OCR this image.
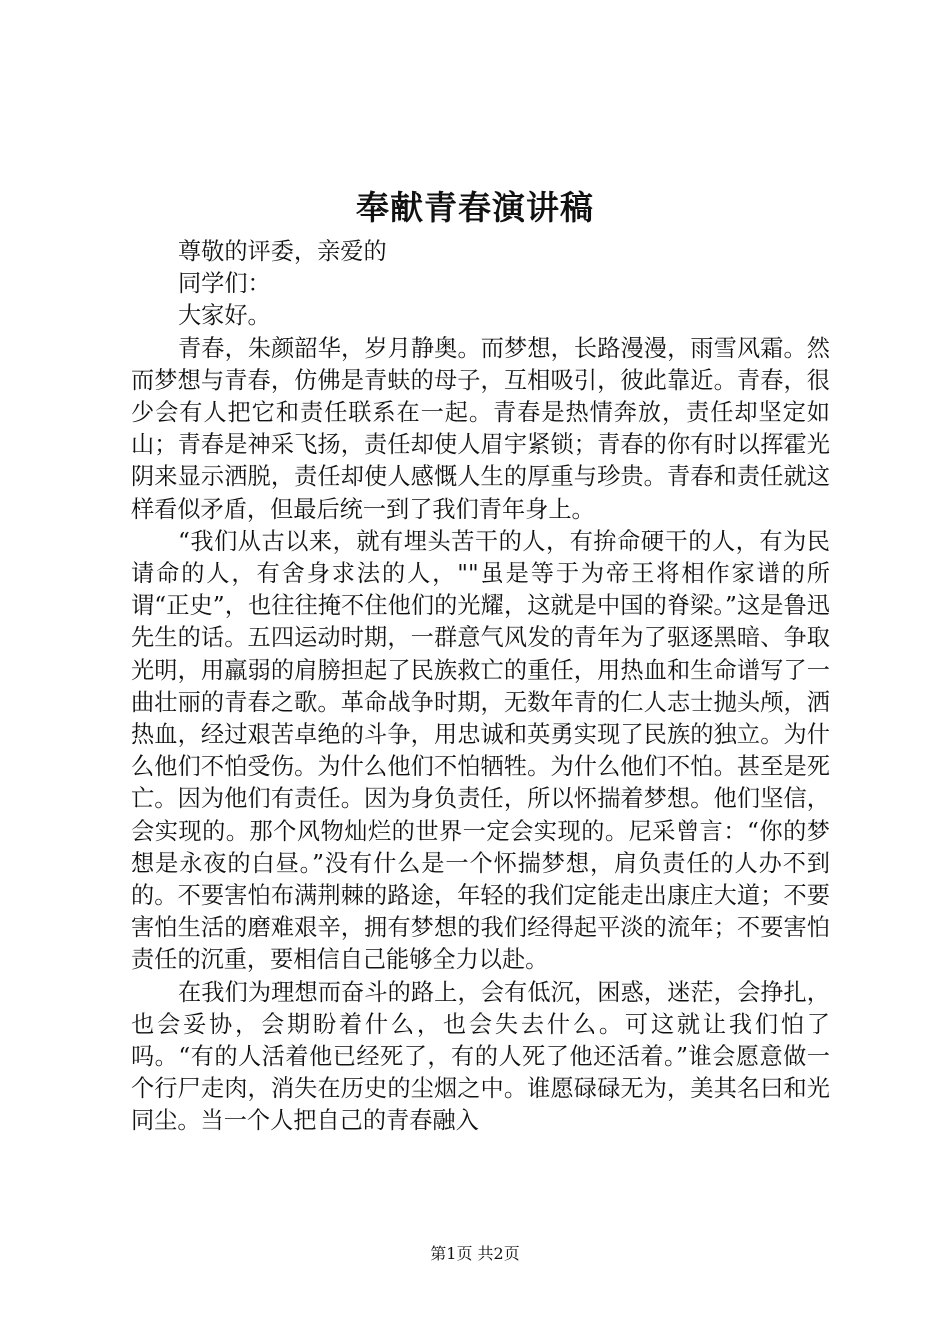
奉献青春演讲稿

尊敬的评委，亲爱的

同学们：

大家好。

青春，朱颜韶华，岁月静奥。而梦想，长路漫漫，雨雪风霜。然而梦想与青春，仿佛是青蚨的母子，互相吸引，彼此靠近。青春，很少会有人把它和责任联系在一起。青春是热情奔放，责任却坚定如山；青春是神采飞扬，责任却使人眉宇紧锁；青春的你有时以挥霍光阴来显示洒脱，责任却使人感慨人生的厚重与珍贵。青春和责任就这样看似矛盾，但最后统一到了我们青年身上。

“我们从古以来，就有埋头苦干的人，有拚命硬干的人，有为民请命的人，有舍身求法的人，""虽是等于为帝王将相作家谱的所谓“正史”，也往往掩不住他们的光耀，这就是中国的脊梁。”这是鲁迅先生的话。五四运动时期，一群意气风发的青年为了驱逐黑暗、争取光明，用羸弱的肩膀担起了民族救亡的重任，用热血和生命谱写了一曲壮丽的青春之歌。革命战争时期，无数年青的仁人志士抛头颅，洒热血，经过艰苦卓绝的斗争，用忠诚和英勇实现了民族的独立。为什么他们不怕受伤。为什么他们不怕牺牲。为什么他们不怕。甚至是死亡。因为他们有责任。因为身负责任，所以怀揣着梦想。他们坚信，会实现的。那个风物灿烂的世界一定会实现的。尼采曾言：“你的梦想是永夜的白昼。”没有什么是一个怀揣梦想，肩负责任的人办不到的。不要害怕布满荆棘的路途，年轻的我们定能走出康庄大道；不要害怕生活的磨难艰辛，拥有梦想的我们经得起平淡的流年；不要害怕责任的沉重，要相信自己能够全力以赴。

在我们为理想而奋斗的路上，会有低沉，困惑，迷茫，会挣扎，也会妥协，会期盼着什么，也会失去什么。可这就让我们怕了吗。“有的人活着他已经死了，有的人死了他还活着。”谁会愿意做一个行尸走肉，消失在历史的尘烟之中。谁愿碌碌无为，美其名曰和光同尘。当一个人把自己的青春融入

第1页 共2页
